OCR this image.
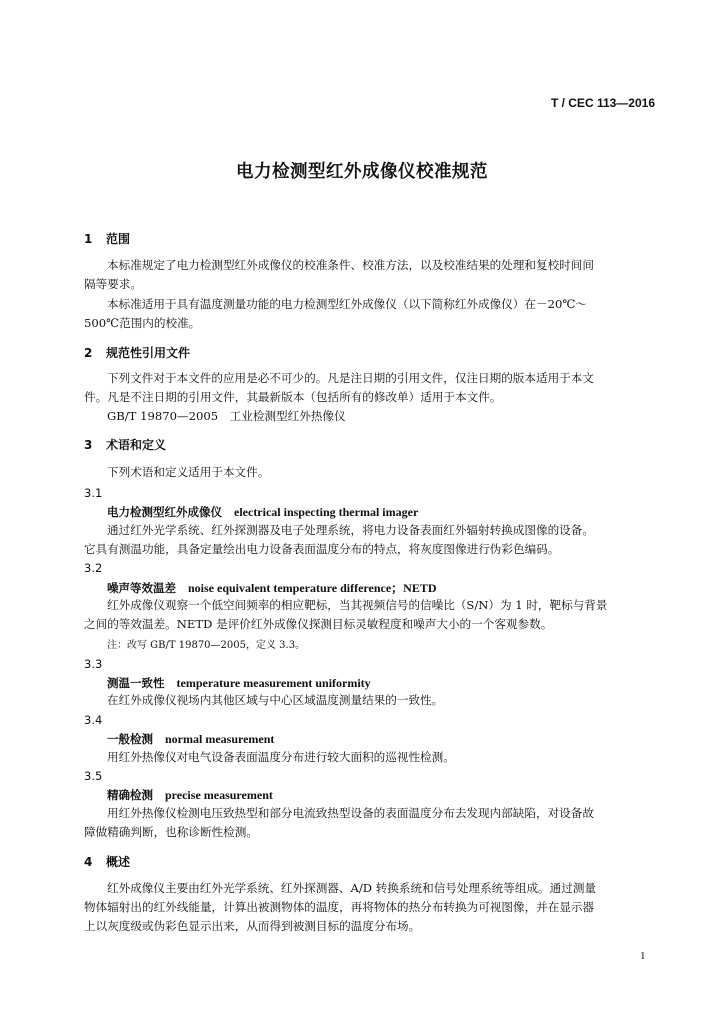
T / CEC 113—2016
电力检测型红外成像仪校准规范
1 范围
本标准规定了电力检测型红外成像仪的校准条件、校准方法，以及校准结果的处理和复校时间间
隔等要求。
本标准适用于具有温度测量功能的电力检测型红外成像仪（以下简称红外成像仪）在－20℃～
500℃范围内的校准。
2 规范性引用文件
下列文件对于本文件的应用是必不可少的。凡是注日期的引用文件，仅注日期的版本适用于本文
件。凡是不注日期的引用文件，其最新版本（包括所有的修改单）适用于本文件。
GB/T 19870—2005　工业检测型红外热像仪
3 术语和定义
下列术语和定义适用于本文件。
3.1
电力检测型红外成像仪 electrical inspecting thermal imager
通过红外光学系统、红外探测器及电子处理系统，将电力设备表面红外辐射转换成图像的设备。
它具有测温功能，具备定量绘出电力设备表面温度分布的特点，将灰度图像进行伪彩色编码。
3.2
噪声等效温差 noise equivalent temperature difference；NETD
红外成像仪观察一个低空间频率的相应靶标，当其视频信号的信噪比（S/N）为 1 时，靶标与背景
之间的等效温差。NETD 是评价红外成像仪探测目标灵敏程度和噪声大小的一个客观参数。
注：改写 GB/T 19870—2005，定义 3.3。
3.3
测温一致性 temperature measurement uniformity
在红外成像仪视场内其他区域与中心区域温度测量结果的一致性。
3.4
一般检测 normal measurement
用红外热像仪对电气设备表面温度分布进行较大面积的巡视性检测。
3.5
精确检测 precise measurement
用红外热像仪检测电压致热型和部分电流致热型设备的表面温度分布去发现内部缺陷，对设备故
障做精确判断，也称诊断性检测。
4 概述
红外成像仪主要由红外光学系统、红外探测器、A/D 转换系统和信号处理系统等组成。通过测量
物体辐射出的红外线能量，计算出被测物体的温度，再将物体的热分布转换为可视图像，并在显示器
上以灰度级或伪彩色显示出来，从而得到被测目标的温度分布场。
1
